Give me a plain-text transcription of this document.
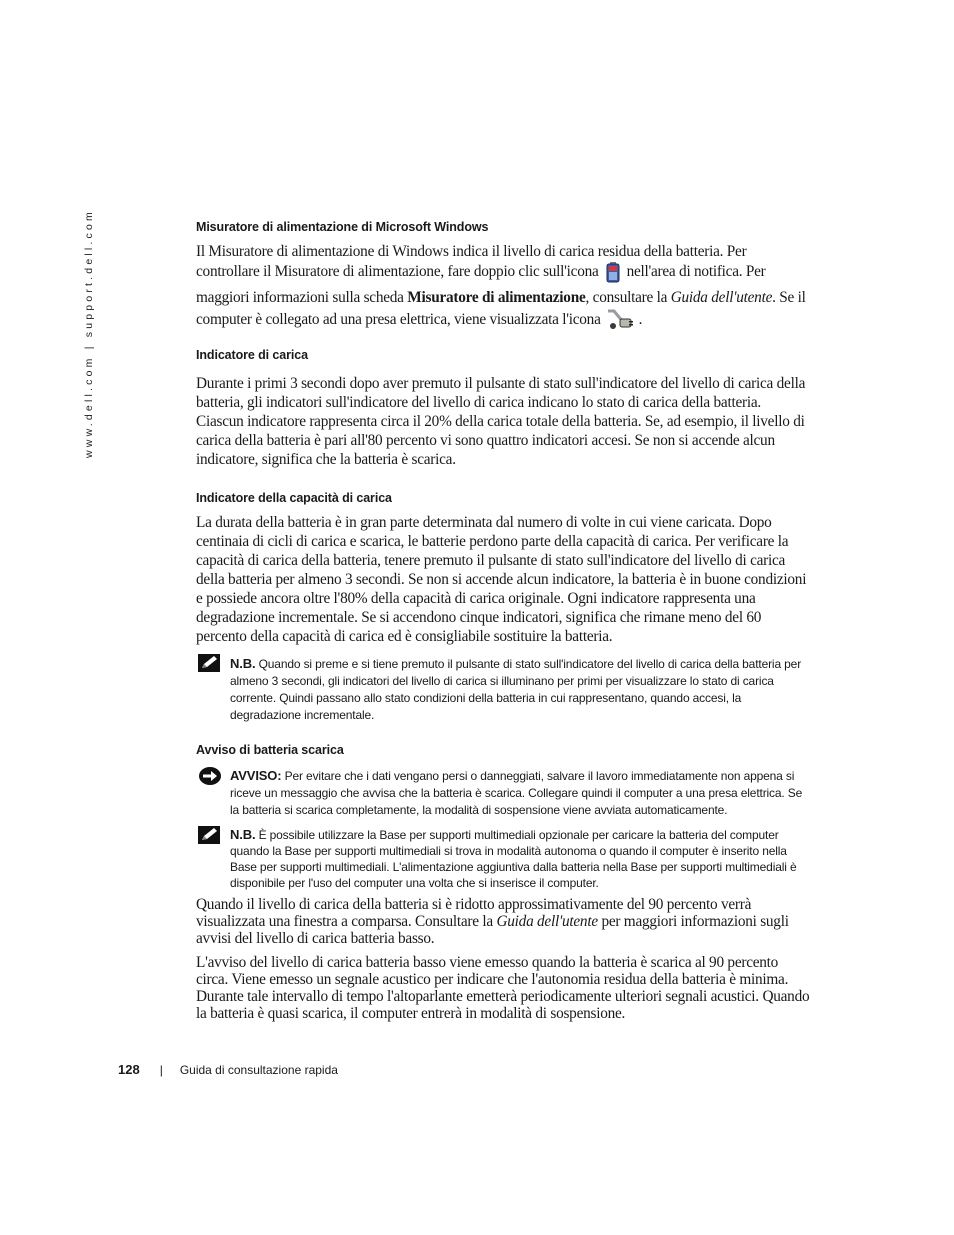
www.dell.com | support.dell.com	Misuratore di alimentazione di Microsoft Windows

Il Misuratore di alimentazione di Windows indica il livello di carica residua della batteria. Per controllare il Misuratore di alimentazione, fare doppio clic sull'icona nell'area di notifica. Per maggiori informazioni sulla scheda Misuratore di alimentazione, consultare la Guida dell'utente. Se il computer è collegato ad una presa elettrica, viene visualizzata l'icona .

Indicatore di carica

Durante i primi 3 secondi dopo aver premuto il pulsante di stato sull'indicatore del livello di carica della batteria, gli indicatori sull'indicatore del livello di carica indicano lo stato di carica della batteria. Ciascun indicatore rappresenta circa il 20% della carica totale della batteria. Se, ad esempio, il livello di carica della batteria è pari all'80 percento vi sono quattro indicatori accesi. Se non si accende alcun indicatore, significa che la batteria è scarica.

Indicatore della capacità di carica

La durata della batteria è in gran parte determinata dal numero di volte in cui viene caricata. Dopo centinaia di cicli di carica e scarica, le batterie perdono parte della capacità di carica. Per verificare la capacità di carica della batteria, tenere premuto il pulsante di stato sull'indicatore del livello di carica della batteria per almeno 3 secondi. Se non si accende alcun indicatore, la batteria è in buone condizioni e possiede ancora oltre l'80% della capacità di carica originale. Ogni indicatore rappresenta una degradazione incrementale. Se si accendono cinque indicatori, significa che rimane meno del 60 percento della capacità di carica ed è consigliabile sostituire la batteria.

N.B. Quando si preme e si tiene premuto il pulsante di stato sull'indicatore del livello di carica della batteria per almeno 3 secondi, gli indicatori del livello di carica si illuminano per primi per visualizzare lo stato di carica corrente. Quindi passano allo stato condizioni della batteria in cui rappresentano, quando accesi, la degradazione incrementale.
Avviso di batteria scarica
AVVISO: Per evitare che i dati vengano persi o danneggiati, salvare il lavoro immediatamente non appena si riceve un messaggio che avvisa che la batteria è scarica. Collegare quindi il computer a una presa elettrica. Se la batteria si scarica completamente, la modalità di sospensione viene avviata automaticamente.
N.B. È possibile utilizzare la Base per supporti multimediali opzionale per caricare la batteria del computer quando la Base per supporti multimediali si trova in modalità autonoma o quando il computer è inserito nella Base per supporti multimediali. L'alimentazione aggiuntiva dalla batteria nella Base per supporti multimediali è disponibile per l'uso del computer una volta che si inserisce il computer.

Quando il livello di carica della batteria si è ridotto approssimativamente del 90 percento verrà visualizzata una finestra a comparsa. Consultare la Guida dell'utente per maggiori informazioni sugli avvisi del livello di carica batteria basso.

L'avviso del livello di carica batteria basso viene emesso quando la batteria è scarica al 90 percento circa. Viene emesso un segnale acustico per indicare che l'autonomia residua della batteria è minima. Durante tale intervallo di tempo l'altoparlante emetterà periodicamente ulteriori segnali acustici. Quando la batteria è quasi scarica, il computer entrerà in modalità di sospensione.

128 | Guida di consultazione rapida
